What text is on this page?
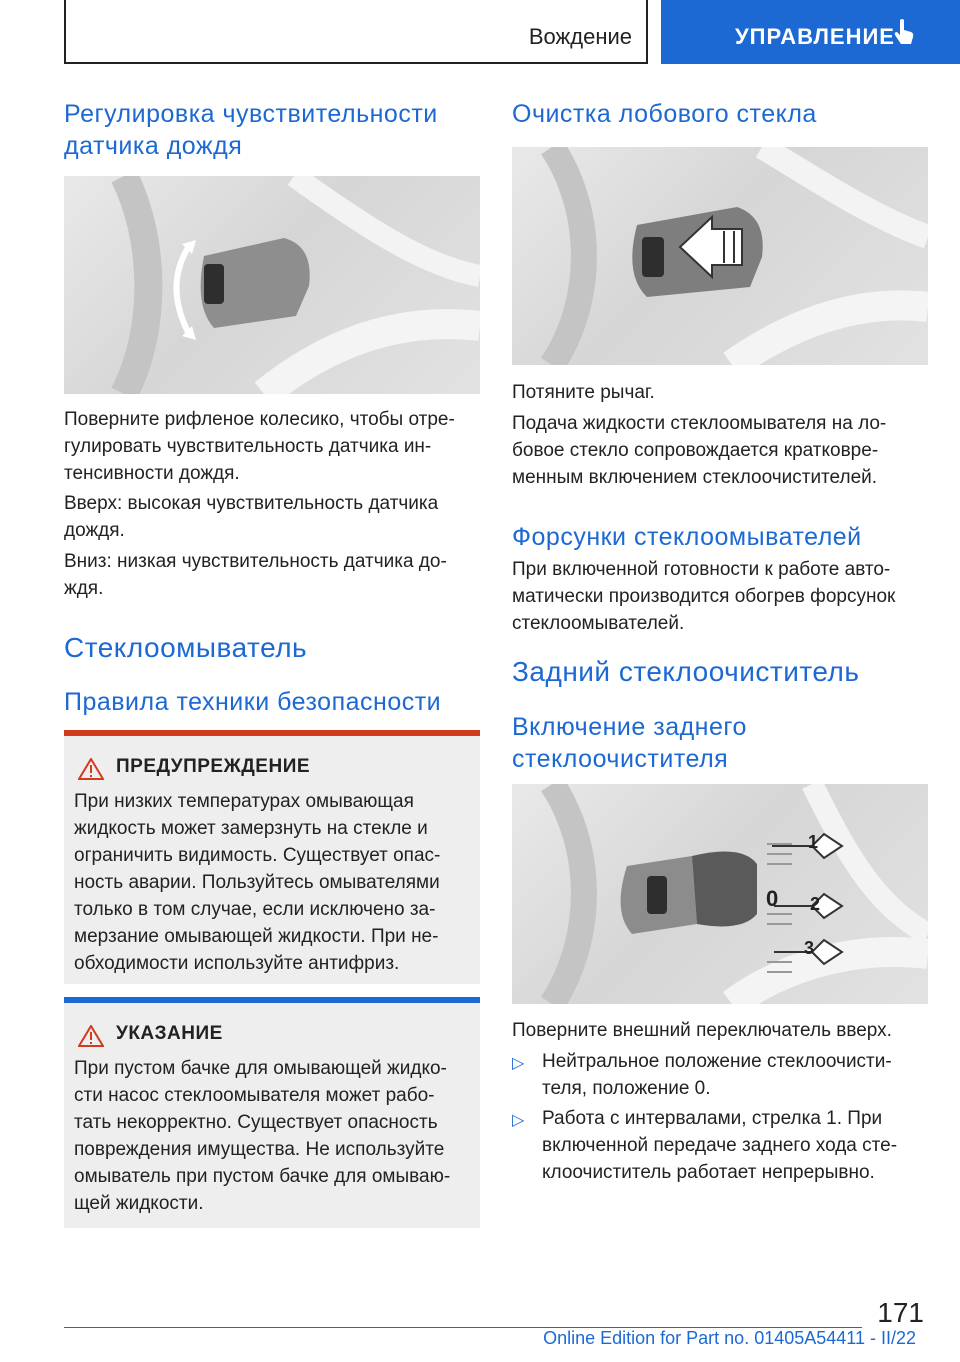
Вождение	УПРАВЛЕНИЕ
Регулировка чувствительности датчика дождя
Поверните рифленое колесико, чтобы отре-гулировать чувствительность датчика ин-тенсивности дождя.
Вверх: высокая чувствительность датчика дождя.
Вниз: низкая чувствительность датчика до-ждя.
Стеклоомыватель
Правила техники безопасности
ПРЕДУПРЕЖДЕНИЕ
При низких температурах омывающая жидкость может замерзнуть на стекле и ограничить видимость. Существует опас-ность аварии. Пользуйтесь омывателями только в том случае, если исключено за-мерзание омывающей жидкости. При не-обходимости используйте антифриз.
УКАЗАНИЕ
При пустом бачке для омывающей жидко-сти насос стеклоомывателя может рабо-тать некорректно. Существует опасность повреждения имущества. Не используйте омыватель при пустом бачке для омываю-щей жидкости.
Очистка лобового стекла
Потяните рычаг.
Подача жидкости стеклоомывателя на ло-бовое стекло сопровождается кратковре-менным включением стеклоочистителей.
Форсунки стеклоомывателей
При включенной готовности к работе авто-матически производится обогрев форсунок стеклоомывателей.
Задний стеклоочиститель
Включение заднего стеклоочистителя
1
0 2
3
Поверните внешний переключатель вверх.
▷ Нейтральное положение стеклоочисти-теля, положение 0.
▷ Работа с интервалами, стрелка 1. При включенной передаче заднего хода сте-клоочиститель работает непрерывно.
171
Online Edition for Part no. 01405A54411 - II/22
